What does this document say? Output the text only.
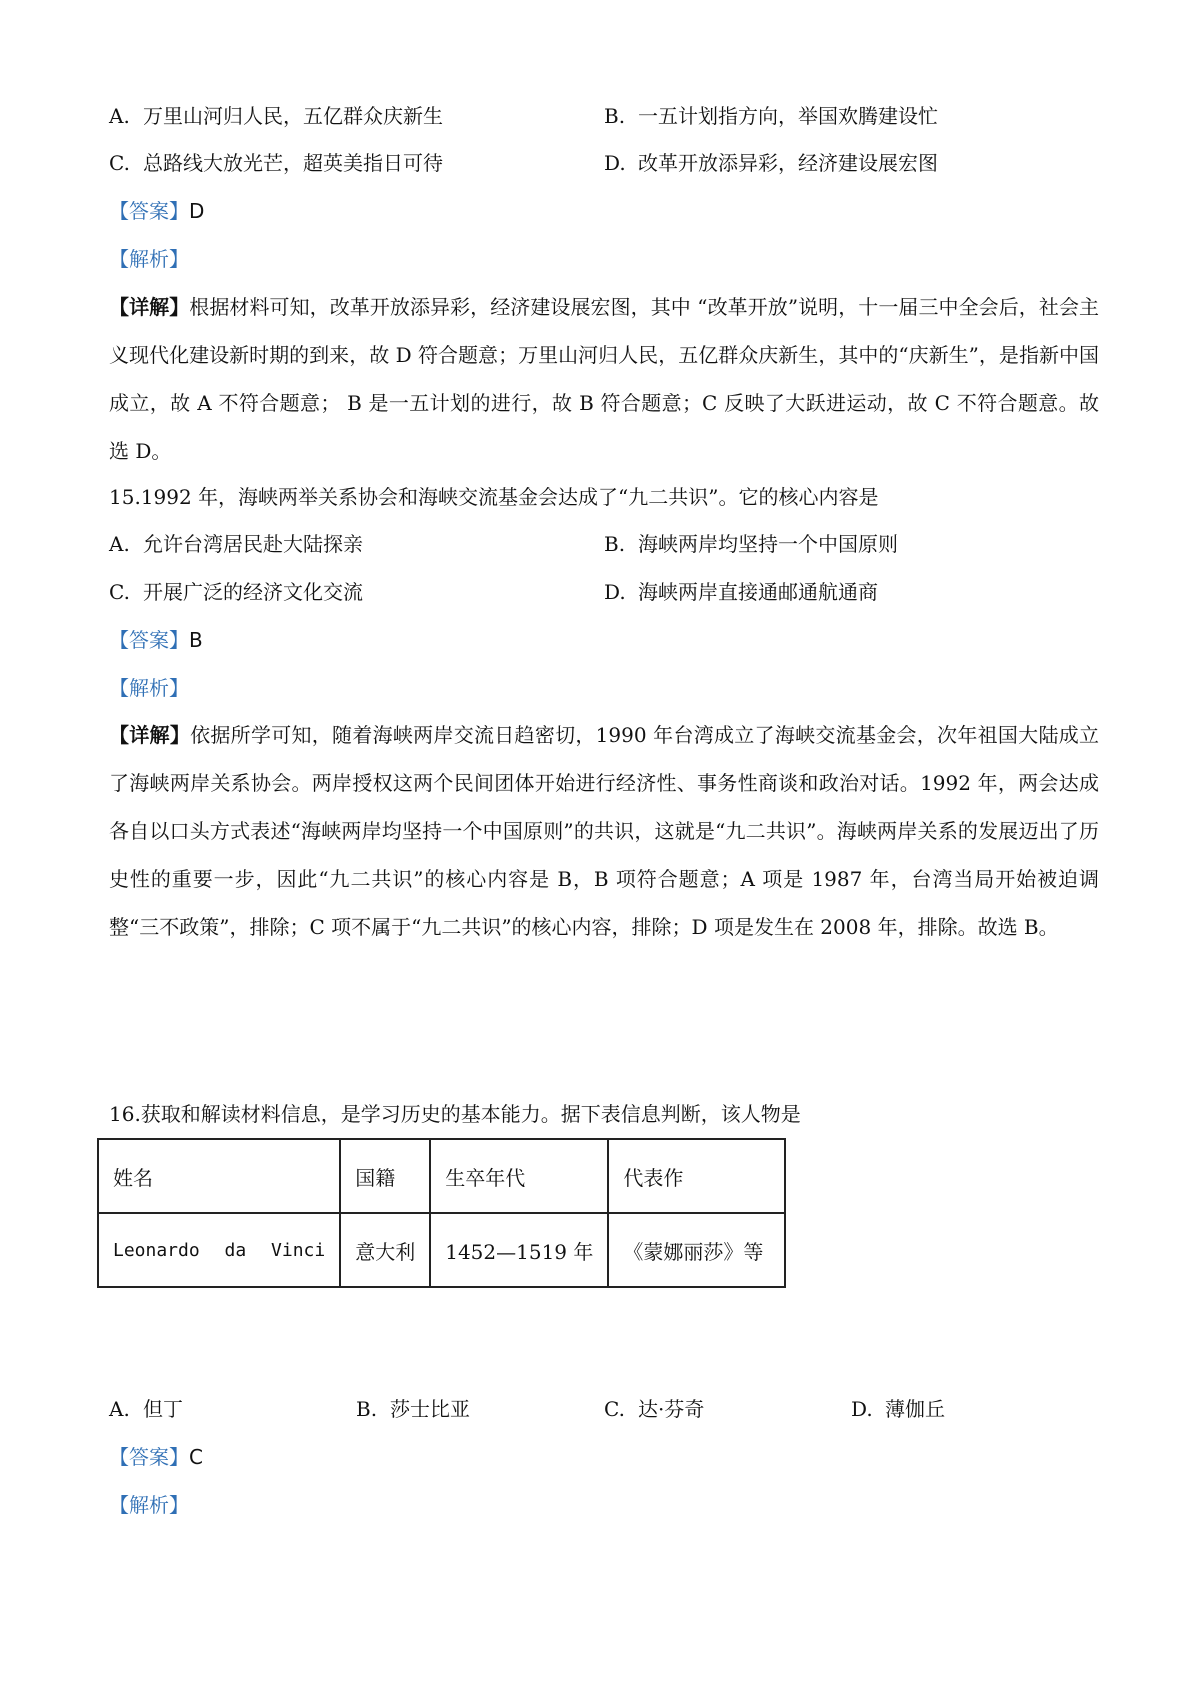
A. 万里山河归人民，五亿群众庆新生	B. 一五计划指方向，举国欢腾建设忙
C. 总路线大放光芒，超英美指日可待	D. 改革开放添异彩，经济建设展宏图
【答案】D
【解析】
【详解】根据材料可知，改革开放添异彩，经济建设展宏图，其中 “改革开放”说明，十一届三中全会后，社会主义现代化建设新时期的到来，故 D 符合题意；万里山河归人民，五亿群众庆新生，其中的“庆新生”，是指新中国成立，故 A 不符合题意； B 是一五计划的进行，故 B 符合题意；C 反映了大跃进运动，故 C 不符合题意。故选 D。
15.1992 年，海峡两举关系协会和海峡交流基金会达成了“九二共识”。它的核心内容是
A. 允许台湾居民赴大陆探亲	B. 海峡两岸均坚持一个中国原则
C. 开展广泛的经济文化交流	D. 海峡两岸直接通邮通航通商
【答案】B
【解析】
【详解】依据所学可知，随着海峡两岸交流日趋密切，1990 年台湾成立了海峡交流基金会，次年祖国大陆成立了海峡两岸关系协会。两岸授权这两个民间团体开始进行经济性、事务性商谈和政治对话。1992 年，两会达成各自以口头方式表述“海峡两岸均坚持一个中国原则”的共识，这就是“九二共识”。海峡两岸关系的发展迈出了历史性的重要一步，因此“九二共识”的核心内容是 B，B 项符合题意；A 项是 1987 年，台湾当局开始被迫调整“三不政策”，排除；C 项不属于“九二共识”的核心内容，排除；D 项是发生在 2008 年，排除。故选 B。
16.获取和解读材料信息，是学习历史的基本能力。据下表信息判断，该人物是
姓名	国籍	生卒年代	代表作
Leonardo da Vinci	意大利	1452—1519 年	《蒙娜丽莎》等
A. 但丁	B. 莎士比亚	C. 达·芬奇	D. 薄伽丘
【答案】C
【解析】
